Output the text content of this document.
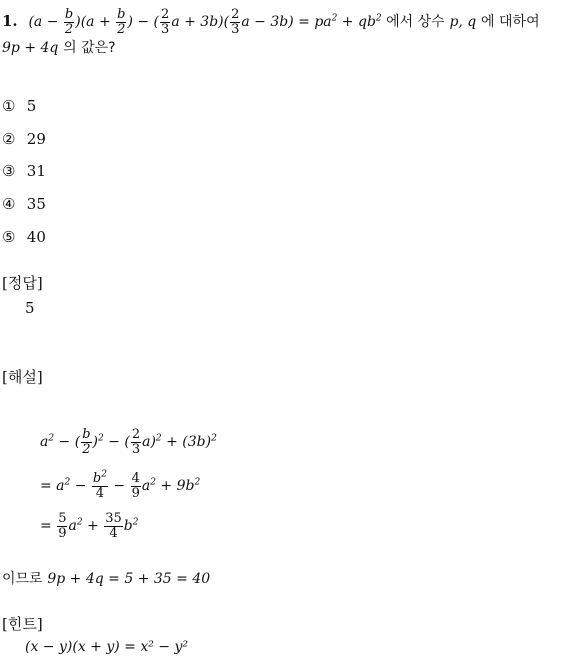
1. $(a - \frac{b}{2} )(a + \frac{b}{2}$ ) − ( $\frac{2}{3}$ $a + 3b)( \frac{2}{3}$ $a - 3b) = pa^2 + qb^2$ 에서 상수 p, q 에 대하여
9p + 4q 의 값은?
① 5
② 29
③ 31
④ 35
⑤ 40
[정답]
5
[해설]
$a^2$ − ( $\frac{b}{2} )^2$ − ( $\frac{2}{3} a)^2 + (3b)^2$
= $a^2 - \frac{b^2}{4} - \frac{4}{9} a^2 + 9b^2$
= $\frac{5}{9} a^2 + \frac{35}{4} b^2$
이므로 9p + 4q = 5 + 35 = 40
[힌트]
(x − y)(x + y) = x² − y²
